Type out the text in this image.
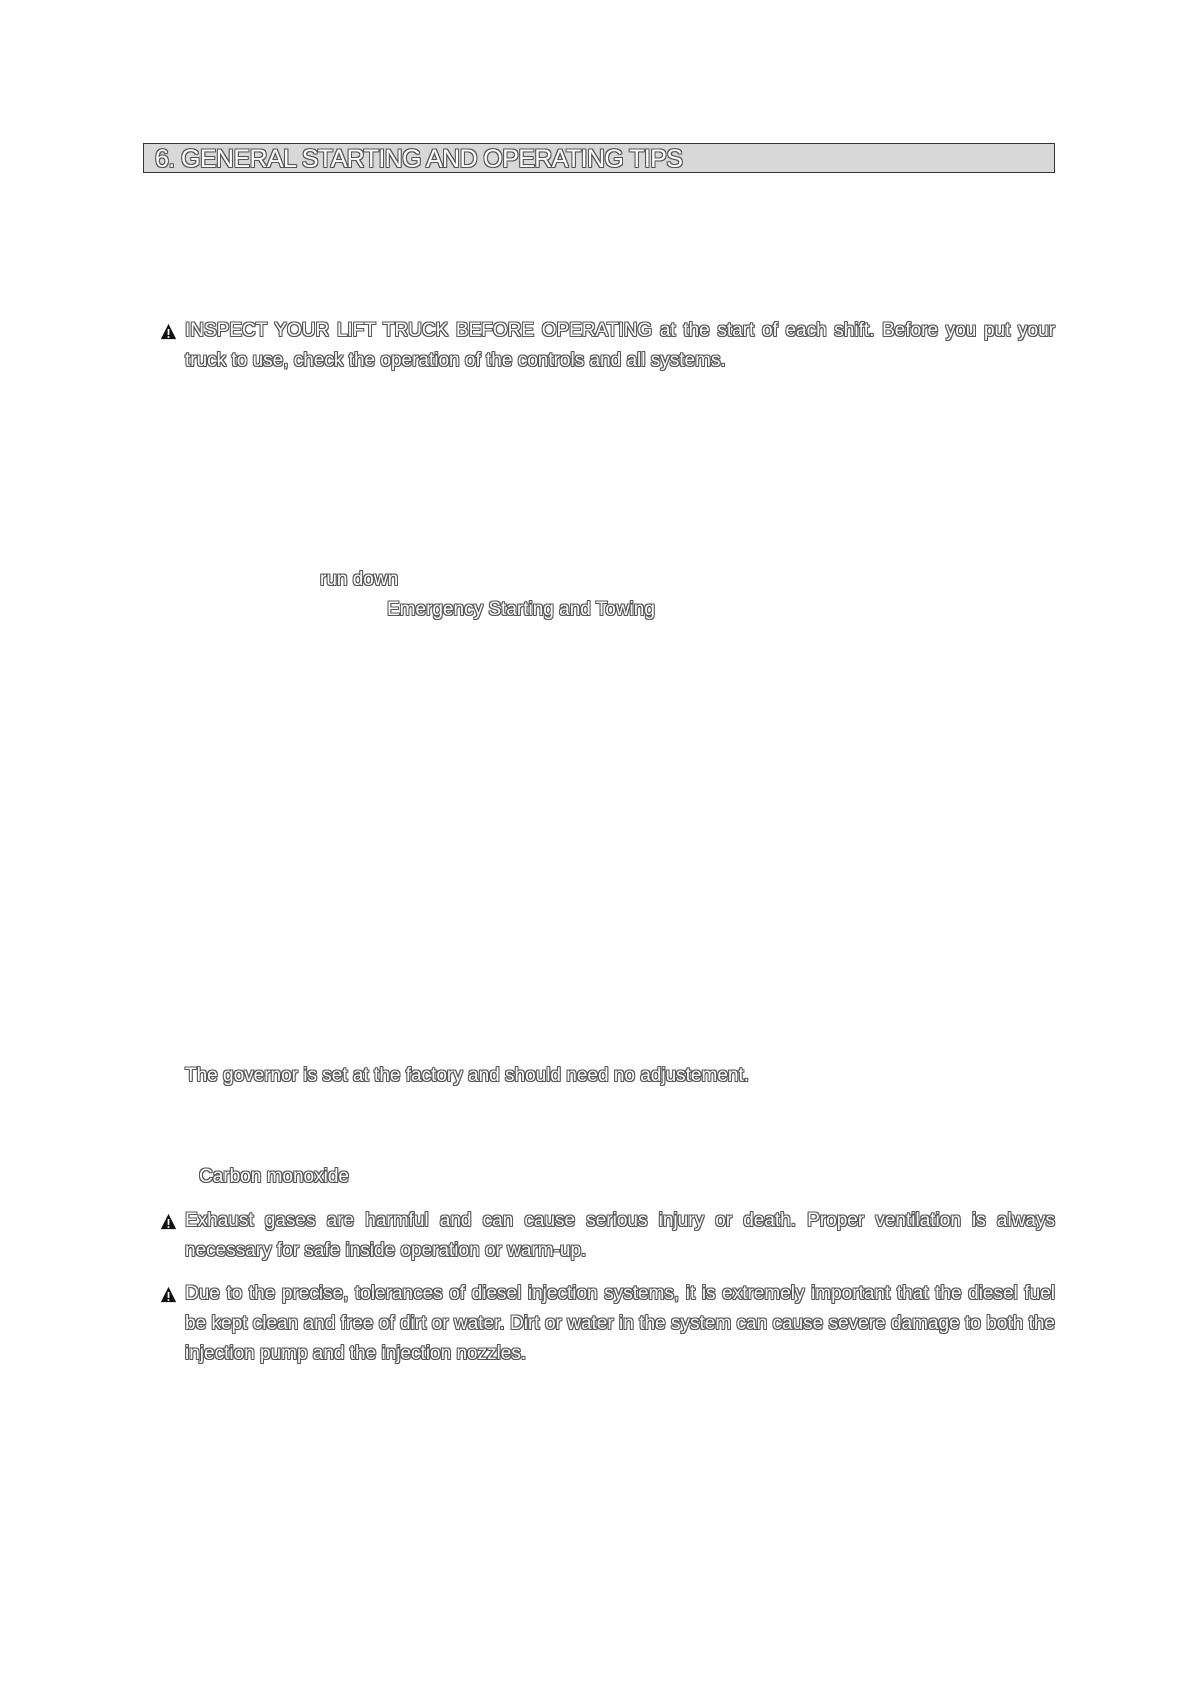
6. GENERAL STARTING AND OPERATING TIPS
INSPECT YOUR LIFT TRUCK BEFORE OPERATING at the start of each shift. Before you put your truck to use, check the operation of the controls and all systems.
run down
Emergency Starting and Towing
The governor is set at the factory and should need no adjustement.
Carbon monoxide
Exhaust gases are harmful and can cause serious injury or death. Proper ventilation is always necessary for safe inside operation or warm-up.
Due to the precise, tolerances of diesel injection systems, it is extremely important that the diesel fuel be kept clean and free of dirt or water. Dirt or water in the system can cause severe damage to both the injection pump and the injection nozzles.
